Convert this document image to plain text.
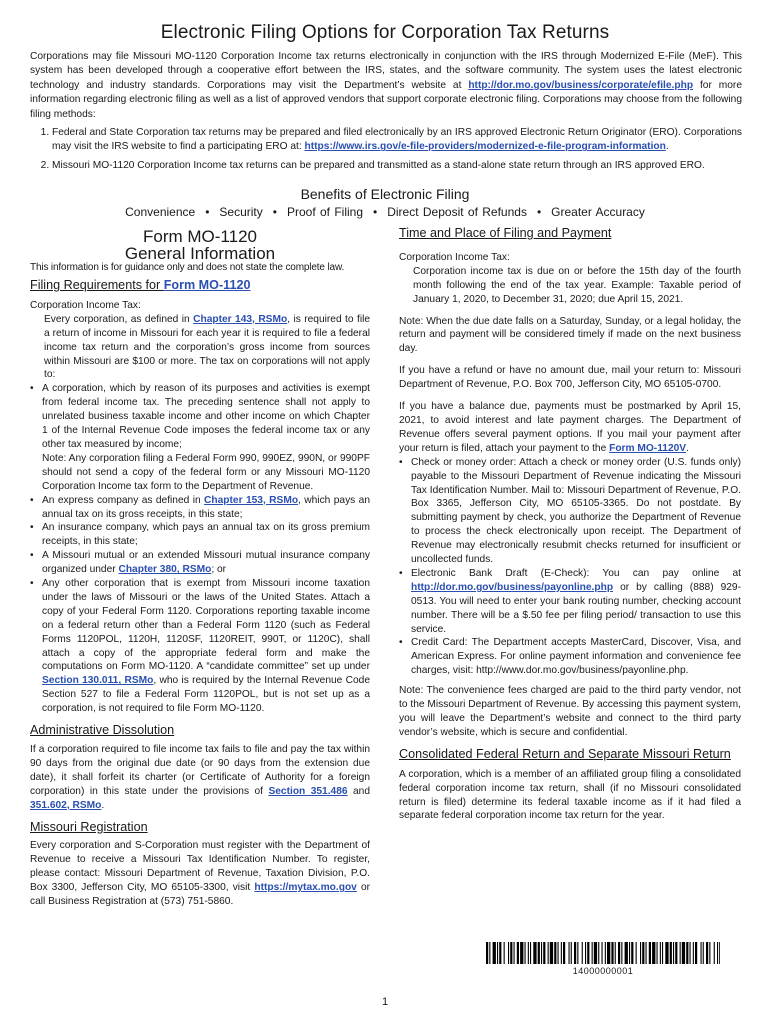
Electronic Filing Options for Corporation Tax Returns

Corporations may file Missouri MO-1120 Corporation Income tax returns electronically in conjunction with the IRS through Modernized E-File (MeF). This system has been developed through a cooperative effort between the IRS, states, and the software community. The system uses the latest electronic technology and industry standards. Corporations may visit the Department’s website at http://dor.mo.gov/business/corporate/efile.php for more information regarding electronic filing as well as a list of approved vendors that support corporate electronic filing. Corporations may choose from the following filing methods:

1. Federal and State Corporation tax returns may be prepared and filed electronically by an IRS approved Electronic Return Originator (ERO). Corporations may visit the IRS website to find a participating ERO at: https://www.irs.gov/e-file-providers/modernized-e-file-program-information.
2. Missouri MO-1120 Corporation Income tax returns can be prepared and transmitted as a stand-alone state return through an IRS approved ERO.
Benefits of Electronic Filing
Convenience • Security • Proof of Filing • Direct Deposit of Refunds • Greater Accuracy
Form MO-1120
General Information
This information is for guidance only and does not state the complete law.

Filing Requirements for Form MO-1120

Corporation Income Tax:

Every corporation, as defined in Chapter 143, RSMo, is required to file a return of income in Missouri for each year it is required to file a federal income tax return and the corporation’s gross income from sources within Missouri are $100 or more. The tax on corporations will not apply to:

• A corporation, which by reason of its purposes and activities is exempt from federal income tax. The preceding sentence shall not apply to unrelated business taxable income and other income on which Chapter 1 of the Internal Revenue Code imposes the federal income tax or any other tax measured by income;
Note: Any corporation filing a Federal Form 990, 990EZ, 990N, or 990PF should not send a copy of the federal form or any Missouri MO-1120 Corporation Income tax form to the Department of Revenue.
• An express company as defined in Chapter 153, RSMo, which pays an annual tax on its gross receipts, in this state;
• An insurance company, which pays an annual tax on its gross premium receipts, in this state;
• A Missouri mutual or an extended Missouri mutual insurance company organized under Chapter 380, RSMo; or
• Any other corporation that is exempt from Missouri income taxation under the laws of Missouri or the laws of the United States. Attach a copy of your Federal Form 1120. Corporations reporting taxable income on a federal return other than a Federal Form 1120 (such as Federal Forms 1120POL, 1120H, 1120SF, 1120REIT, 990T, or 1120C), shall attach a copy of the appropriate federal form and make the computations on Form MO-1120. A “candidate committee” set up under Section 130.011, RSMo, who is required by the Internal Revenue Code Section 527 to file a Federal Form 1120POL, but is not set up as a corporation, is not required to file Form MO-1120.

Administrative Dissolution

If a corporation required to file income tax fails to file and pay the tax within 90 days from the original due date (or 90 days from the extension due date), it shall forfeit its charter (or Certificate of Authority for a foreign corporation) in this state under the provisions of Section 351.486 and 351.602, RSMo.

Missouri Registration

Every corporation and S-Corporation must register with the Department of Revenue to receive a Missouri Tax Identification Number. To register, please contact: Missouri Department of Revenue, Taxation Division, P.O. Box 3300, Jefferson City, MO 65105-3300, visit https://mytax.mo.gov or call Business Registration at (573) 751-5860.

Time and Place of Filing and Payment

Corporation Income Tax:

Corporation income tax is due on or before the 15th day of the fourth month following the end of the tax year. Example: Taxable period of January 1, 2020, to December 31, 2020; due April 15, 2021.

Note: When the due date falls on a Saturday, Sunday, or a legal holiday, the return and payment will be considered timely if made on the next business day.

If you have a refund or have no amount due, mail your return to: Missouri Department of Revenue, P.O. Box 700, Jefferson City, MO 65105-0700.

If you have a balance due, payments must be postmarked by April 15, 2021, to avoid interest and late payment charges. The Department of Revenue offers several payment options. If you mail your payment after your return is filed, attach your payment to the Form MO-1120V.

• Check or money order: Attach a check or money order (U.S. funds only) payable to the Missouri Department of Revenue indicating the Missouri Tax Identification Number. Mail to: Missouri Department of Revenue, P.O. Box 3365, Jefferson City, MO 65105-3365. Do not postdate. By submitting payment by check, you authorize the Department of Revenue to process the check electronically upon receipt. The Department of Revenue may electronically resubmit checks returned for insufficient or uncollected funds.
• Electronic Bank Draft (E-Check): You can pay online at http://dor.mo.gov/business/payonline.php or by calling (888) 929-0513. You will need to enter your bank routing number, checking account number. There will be a $.50 fee per filing period/ transaction to use this service.
• Credit Card: The Department accepts MasterCard, Discover, Visa, and American Express. For online payment information and convenience fee charges, visit: http://www.dor.mo.gov/business/payonline.php.

Note: The convenience fees charged are paid to the third party vendor, not to the Missouri Department of Revenue. By accessing this payment system, you will leave the Department’s website and connect to the third party vendor’s website, which is secure and confidential.

Consolidated Federal Return and Separate Missouri Return

A corporation, which is a member of an affiliated group filing a consolidated federal corporation income tax return, shall (if no Missouri consolidated return is filed) determine its federal taxable income as if it had filed a separate federal corporation income tax return for the year.

14000000001
1
